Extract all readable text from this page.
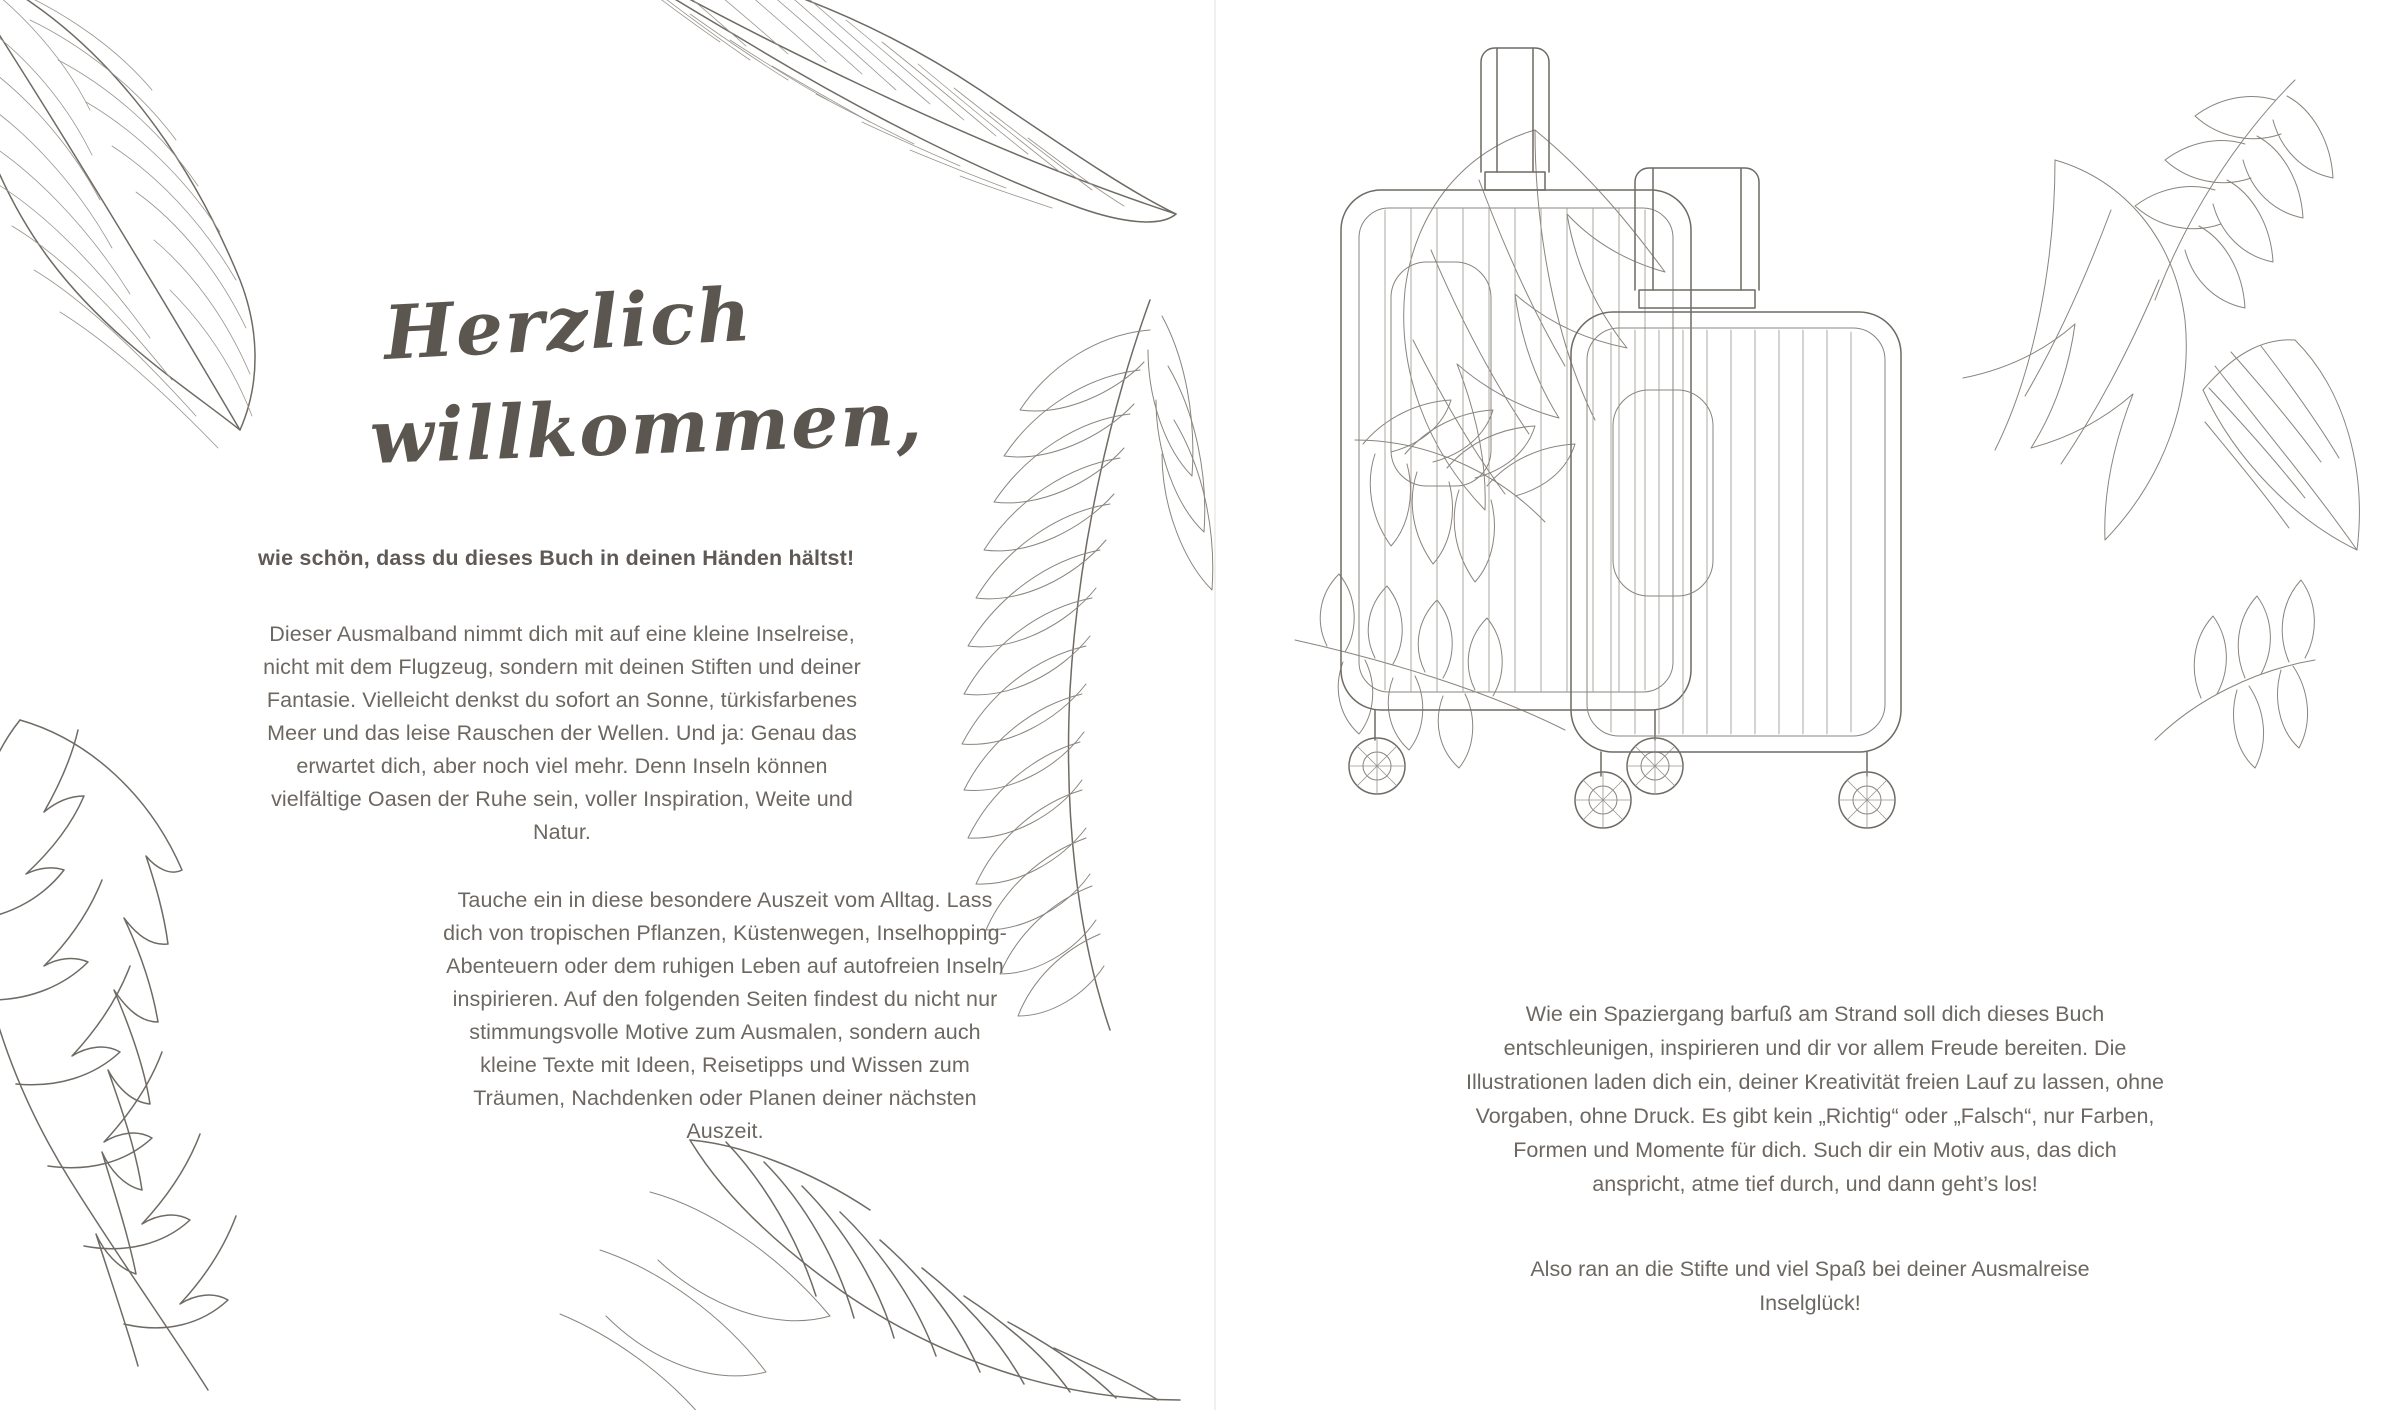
Herzlich
willkommen,

wie schön, dass du dieses Buch in deinen Händen hältst!

Dieser Ausmalband nimmt dich mit auf eine kleine Inselreise, nicht mit dem Flugzeug, sondern mit deinen Stiften und deiner Fantasie. Vielleicht denkst du sofort an Sonne, türkisfarbenes Meer und das leise Rauschen der Wellen. Und ja: Genau das erwartet dich, aber noch viel mehr. Denn Inseln können vielfältige Oasen der Ruhe sein, voller Inspiration, Weite und Natur.

Tauche ein in diese besondere Auszeit vom Alltag. Lass dich von tropischen Pflanzen, Küstenwegen, Inselhopping-Abenteuern oder dem ruhigen Leben auf autofreien Inseln inspirieren. Auf den folgenden Seiten findest du nicht nur stimmungsvolle Motive zum Ausmalen, sondern auch kleine Texte mit Ideen, Reisetipps und Wissen zum Träumen, Nachdenken oder Planen deiner nächsten Auszeit.

Wie ein Spaziergang barfuß am Strand soll dich dieses Buch entschleunigen, inspirieren und dir vor allem Freude bereiten. Die Illustrationen laden dich ein, deiner Kreativität freien Lauf zu lassen, ohne Vorgaben, ohne Druck. Es gibt kein „Richtig“ oder „Falsch“, nur Farben, Formen und Momente für dich. Such dir ein Motiv aus, das dich anspricht, atme tief durch, und dann geht’s los!

Also ran an die Stifte und viel Spaß bei deiner Ausmalreise Inselglück!
